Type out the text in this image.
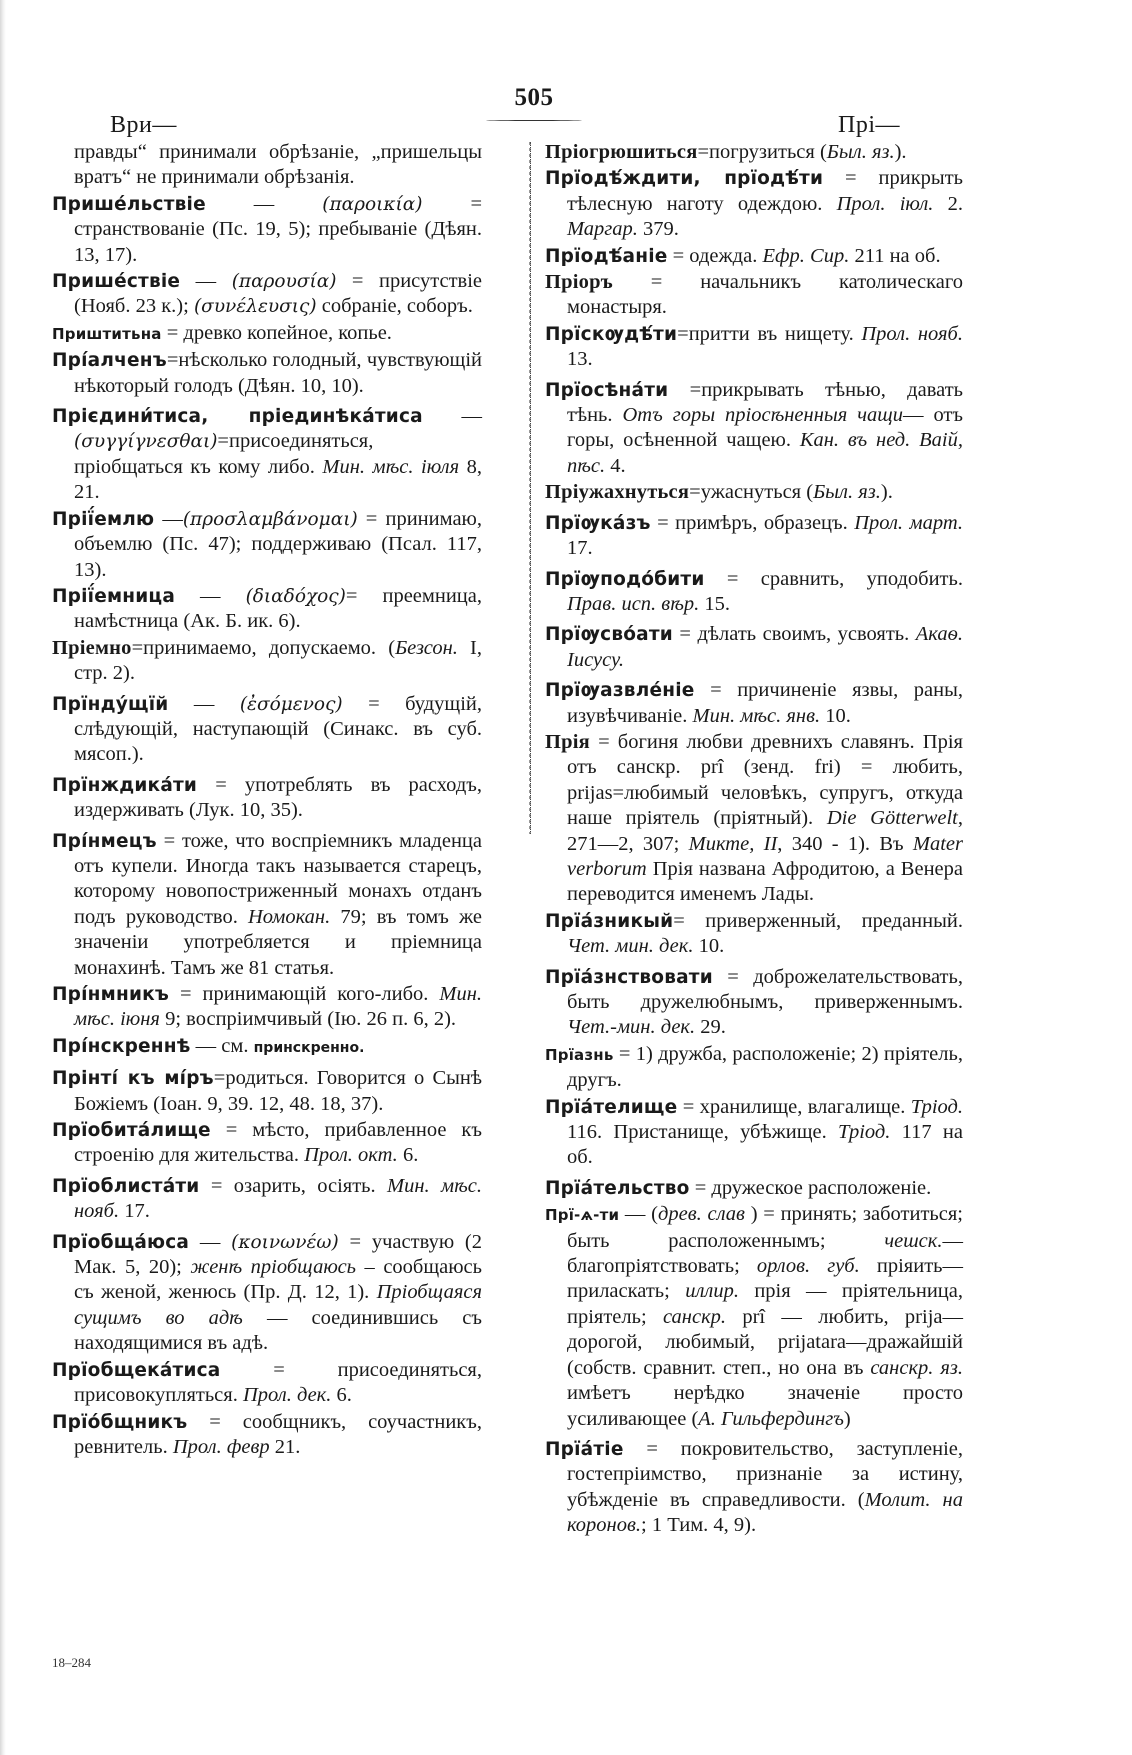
505
Ври—	Прі—

правды“ принимали обрѣзаніе, „пришельцы вратъ“ не принимали обрѣзанія.

Прише́льствіе — (παροικία) = странствованіе (Пс. 19, 5); пребываніе (Дѣян. 13, 17).

Прише́ствіе — (παρουσία) = присутствіе (Нояб. 23 к.); (συνέλευσις) собраніе, соборъ.

Приштитьна = древко копейное, копье.

Прі́алченъ=нѣсколько голодный, чувствующій нѣкоторый голодъ (Дѣян. 10, 10).

Прієдини́тиса, пріединѣка́тиса — (συγγίγνεσθαι)=присоединяться, пріобщаться къ кому либо. Мин. мѣс. іюля 8, 21.

Прії́емлю —(προσλαμβάνομαι) = принимаю, объемлю (Пс. 47); поддерживаю (Псал. 117, 13).

Прії́емница — (διαδόχος)= преемница, намѣстница (Ак. Б. ик. 6).

Пріемно=принимаемо, допускаемо. (Безсон. I, стр. 2).

Прїнду́щїй — (ἐσόμενος) = будущій, слѣдующій, наступающій (Синакс. въ суб. мясоп.).

Прїнждика́ти = употреблять въ расходъ, издерживать (Лук. 10, 35).

Прі́нмецъ = тоже, что воспріемникъ младенца отъ купели. Иногда такъ называется старецъ, которому новопостриженный монахъ отданъ подъ руководство. Номокан. 79; въ томъ же значеніи употребляется и пріемница монахинѣ. Тамъ же 81 статья.

Прі́нмникъ = принимающій кого-либо. Мин. мѣс. іюня 9; воспріимчивый (Ію. 26 п. 6, 2).

Прі́нскреннѣ — см. принскренно.

Прінті́ къ мі́ръ=родиться. Говорится о Сынѣ Божіемъ (Іоан. 9, 39. 12, 48. 18, 37).

Прїобита́лище = мѣсто, прибавленное къ строенію для жительства. Прол. окт. 6.

Прїоблиста́ти = озарить, осіять. Мин. мѣс. нояб. 17.

Прїобща́юса — (κοινωνέω) = участвую (2 Мак. 5, 20); женѣ пріобщаюсь – сообщаюсь съ женой, женюсь (Пр. Д. 12, 1). Пріобщаяся сущимъ во адѣ — соединившись съ находящимися въ адѣ.

Прїобщека́тиса = присоединяться, присовокупляться. Прол. дек. 6.

Прїо́бщникъ = сообщникъ, соучастникъ, ревнитель. Прол. февр 21.

Пріогрюшиться=погрузиться (Был. яз.).

Прїодѣ́ждити, прїодѣ́ти = прикрыть тѣлесную наготу одеждою. Прол. іюл. 2. Маргар. 379.

Прїодѣ́аніе = одежда. Ефр. Сир. 211 на об.

Пріоръ = начальникъ католическаго монастыря.

Прїскѹдѣ́ти=притти въ нищету. Прол. нояб. 13.

Прїосѣна́ти =прикрывать тѣнью, давать тѣнь. Отъ горы пріосѣненныя чащи— отъ горы, осѣненной чащею. Кан. въ нед. Ваій, пѣс. 4.

Пріужахнуться=ужаснуться (Был. яз.).

Прїѹка́зъ = примѣръ, образецъ. Прол. март. 17.

Прїѹподо́бити = сравнить, уподобить. Прав. исп. вѣр. 15.

Прїѹсво́ати = дѣлать своимъ, усвоять. Акаѳ. Іисусу.

Прїѹазвле́ніе = причиненіе язвы, раны, изувѣчиваніе. Мин. мѣс. янв. 10.

Прія = богиня любви древнихъ славянъ. Прія отъ санскр. prî (зенд. fri) = любить, prijas=любимый человѣкъ, супругъ, откуда наше пріятель (пріятный). Die Götterwelt, 271—2, 307; Микте, II, 340 - 1). Въ Mater verborum Прія названа Афродитою, а Венера переводится именемъ Лады.

Прїа́зникый= приверженный, преданный. Чет. мин. дек. 10.

Прїа́знствовати = доброжелательствовать, быть дружелюбнымъ, приверженнымъ. Чет.-мин. дек. 29.

Прїазнь = 1) дружба, расположеніе; 2) пріятель, другъ.

Прїа́телище = хранилище, влагалище. Тріод. 116. Пристанище, убѣжище. Тріод. 117 на об.

Прїа́тельство = дружеское расположеніе.

Прї-ѧ-ти — (древ. слав ) = принять; заботиться; быть расположеннымъ; чешск.— благопріятствовать; орлов. губ. пріяить— приласкать; иллир. прія — пріятельница, пріятель; санскр. prî — любить, prija— дорогой, любимый, prijatara—дражайшій (собств. сравнит. степ., но она въ санскр. яз. имѣетъ нерѣдко значеніе просто усиливающее (А. Гильфердингъ)

Прїа́тіе = покровительство, заступленіе, гостепріимство, признаніе за истину, убѣжденіе въ справедливости. (Молит. на коронов.; 1 Тим. 4, 9).

18–284
